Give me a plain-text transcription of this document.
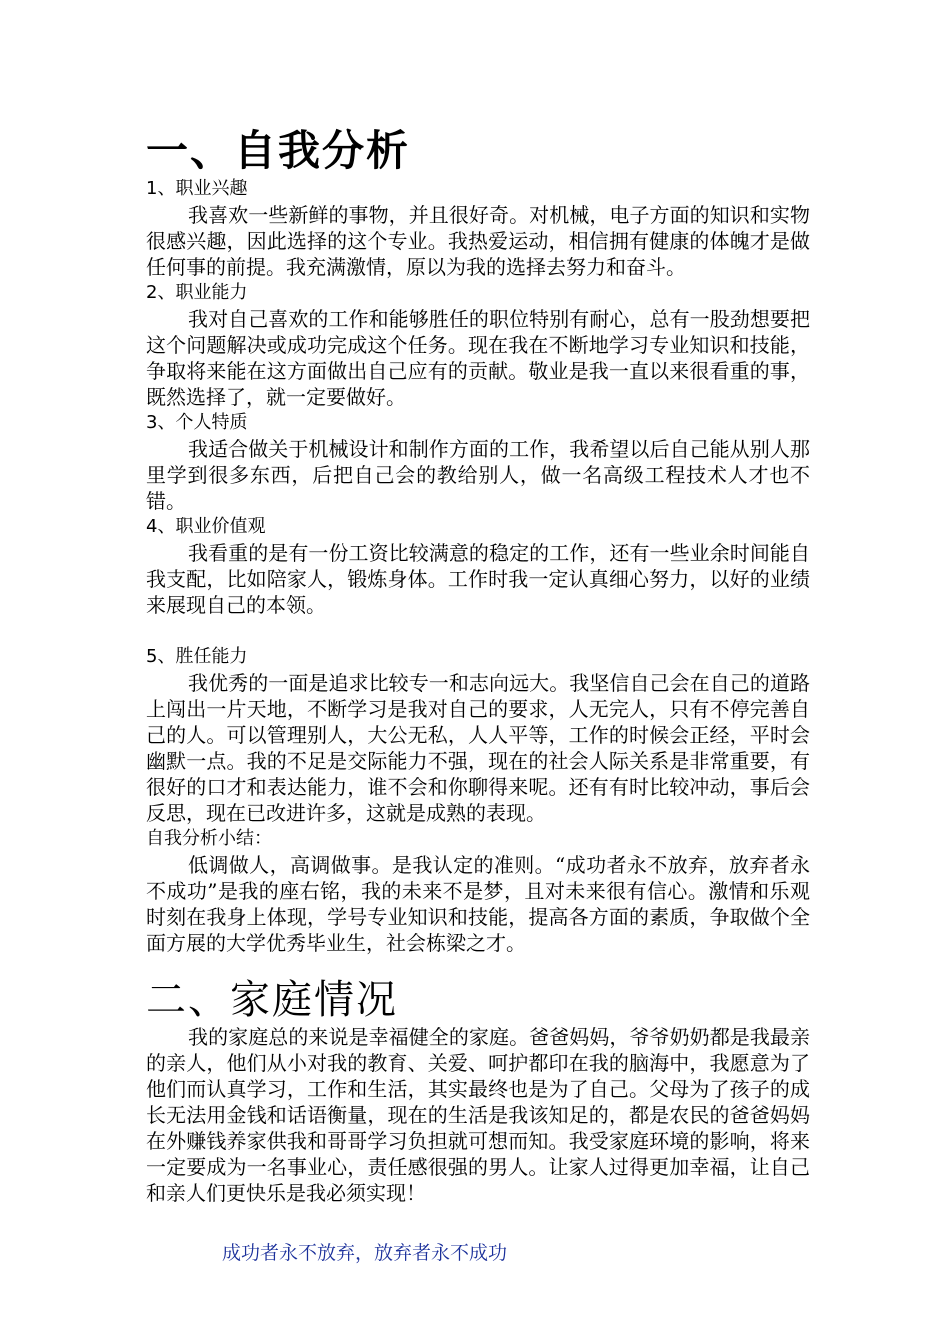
一、自我分析

1、职业兴趣

我喜欢一些新鲜的事物，并且很好奇。对机械，电子方面的知识和实物很感兴趣，因此选择的这个专业。我热爱运动，相信拥有健康的体魄才是做任何事的前提。我充满激情，原以为我的选择去努力和奋斗。

2、职业能力

我对自己喜欢的工作和能够胜任的职位特别有耐心，总有一股劲想要把这个问题解决或成功完成这个任务。现在我在不断地学习专业知识和技能，争取将来能在这方面做出自己应有的贡献。敬业是我一直以来很看重的事，既然选择了，就一定要做好。

3、个人特质

我适合做关于机械设计和制作方面的工作，我希望以后自己能从别人那里学到很多东西，后把自己会的教给别人，做一名高级工程技术人才也不错。

4、职业价值观

我看重的是有一份工资比较满意的稳定的工作，还有一些业余时间能自我支配，比如陪家人，锻炼身体。工作时我一定认真细心努力，以好的业绩来展现自己的本领。

5、胜任能力

我优秀的一面是追求比较专一和志向远大。我坚信自己会在自己的道路上闯出一片天地，不断学习是我对自己的要求，人无完人，只有不停完善自己的人。可以管理别人，大公无私，人人平等，工作的时候会正经，平时会幽默一点。我的不足是交际能力不强，现在的社会人际关系是非常重要，有很好的口才和表达能力，谁不会和你聊得来呢。还有有时比较冲动，事后会反思，现在已改进许多，这就是成熟的表现。

自我分析小结：

低调做人，高调做事。是我认定的准则。“成功者永不放弃，放弃者永不成功”是我的座右铭，我的未来不是梦，且对未来很有信心。激情和乐观时刻在我身上体现，学号专业知识和技能，提高各方面的素质，争取做个全面方展的大学优秀毕业生，社会栋梁之才。

二、家庭情况

我的家庭总的来说是幸福健全的家庭。爸爸妈妈，爷爷奶奶都是我最亲的亲人，他们从小对我的教育、关爱、呵护都印在我的脑海中，我愿意为了他们而认真学习，工作和生活，其实最终也是为了自己。父母为了孩子的成长无法用金钱和话语衡量，现在的生活是我该知足的，都是农民的爸爸妈妈在外赚钱养家供我和哥哥学习负担就可想而知。我受家庭环境的影响，将来一定要成为一名事业心，责任感很强的男人。让家人过得更加幸福，让自己和亲人们更快乐是我必须实现！

成功者永不放弃，放弃者永不成功
